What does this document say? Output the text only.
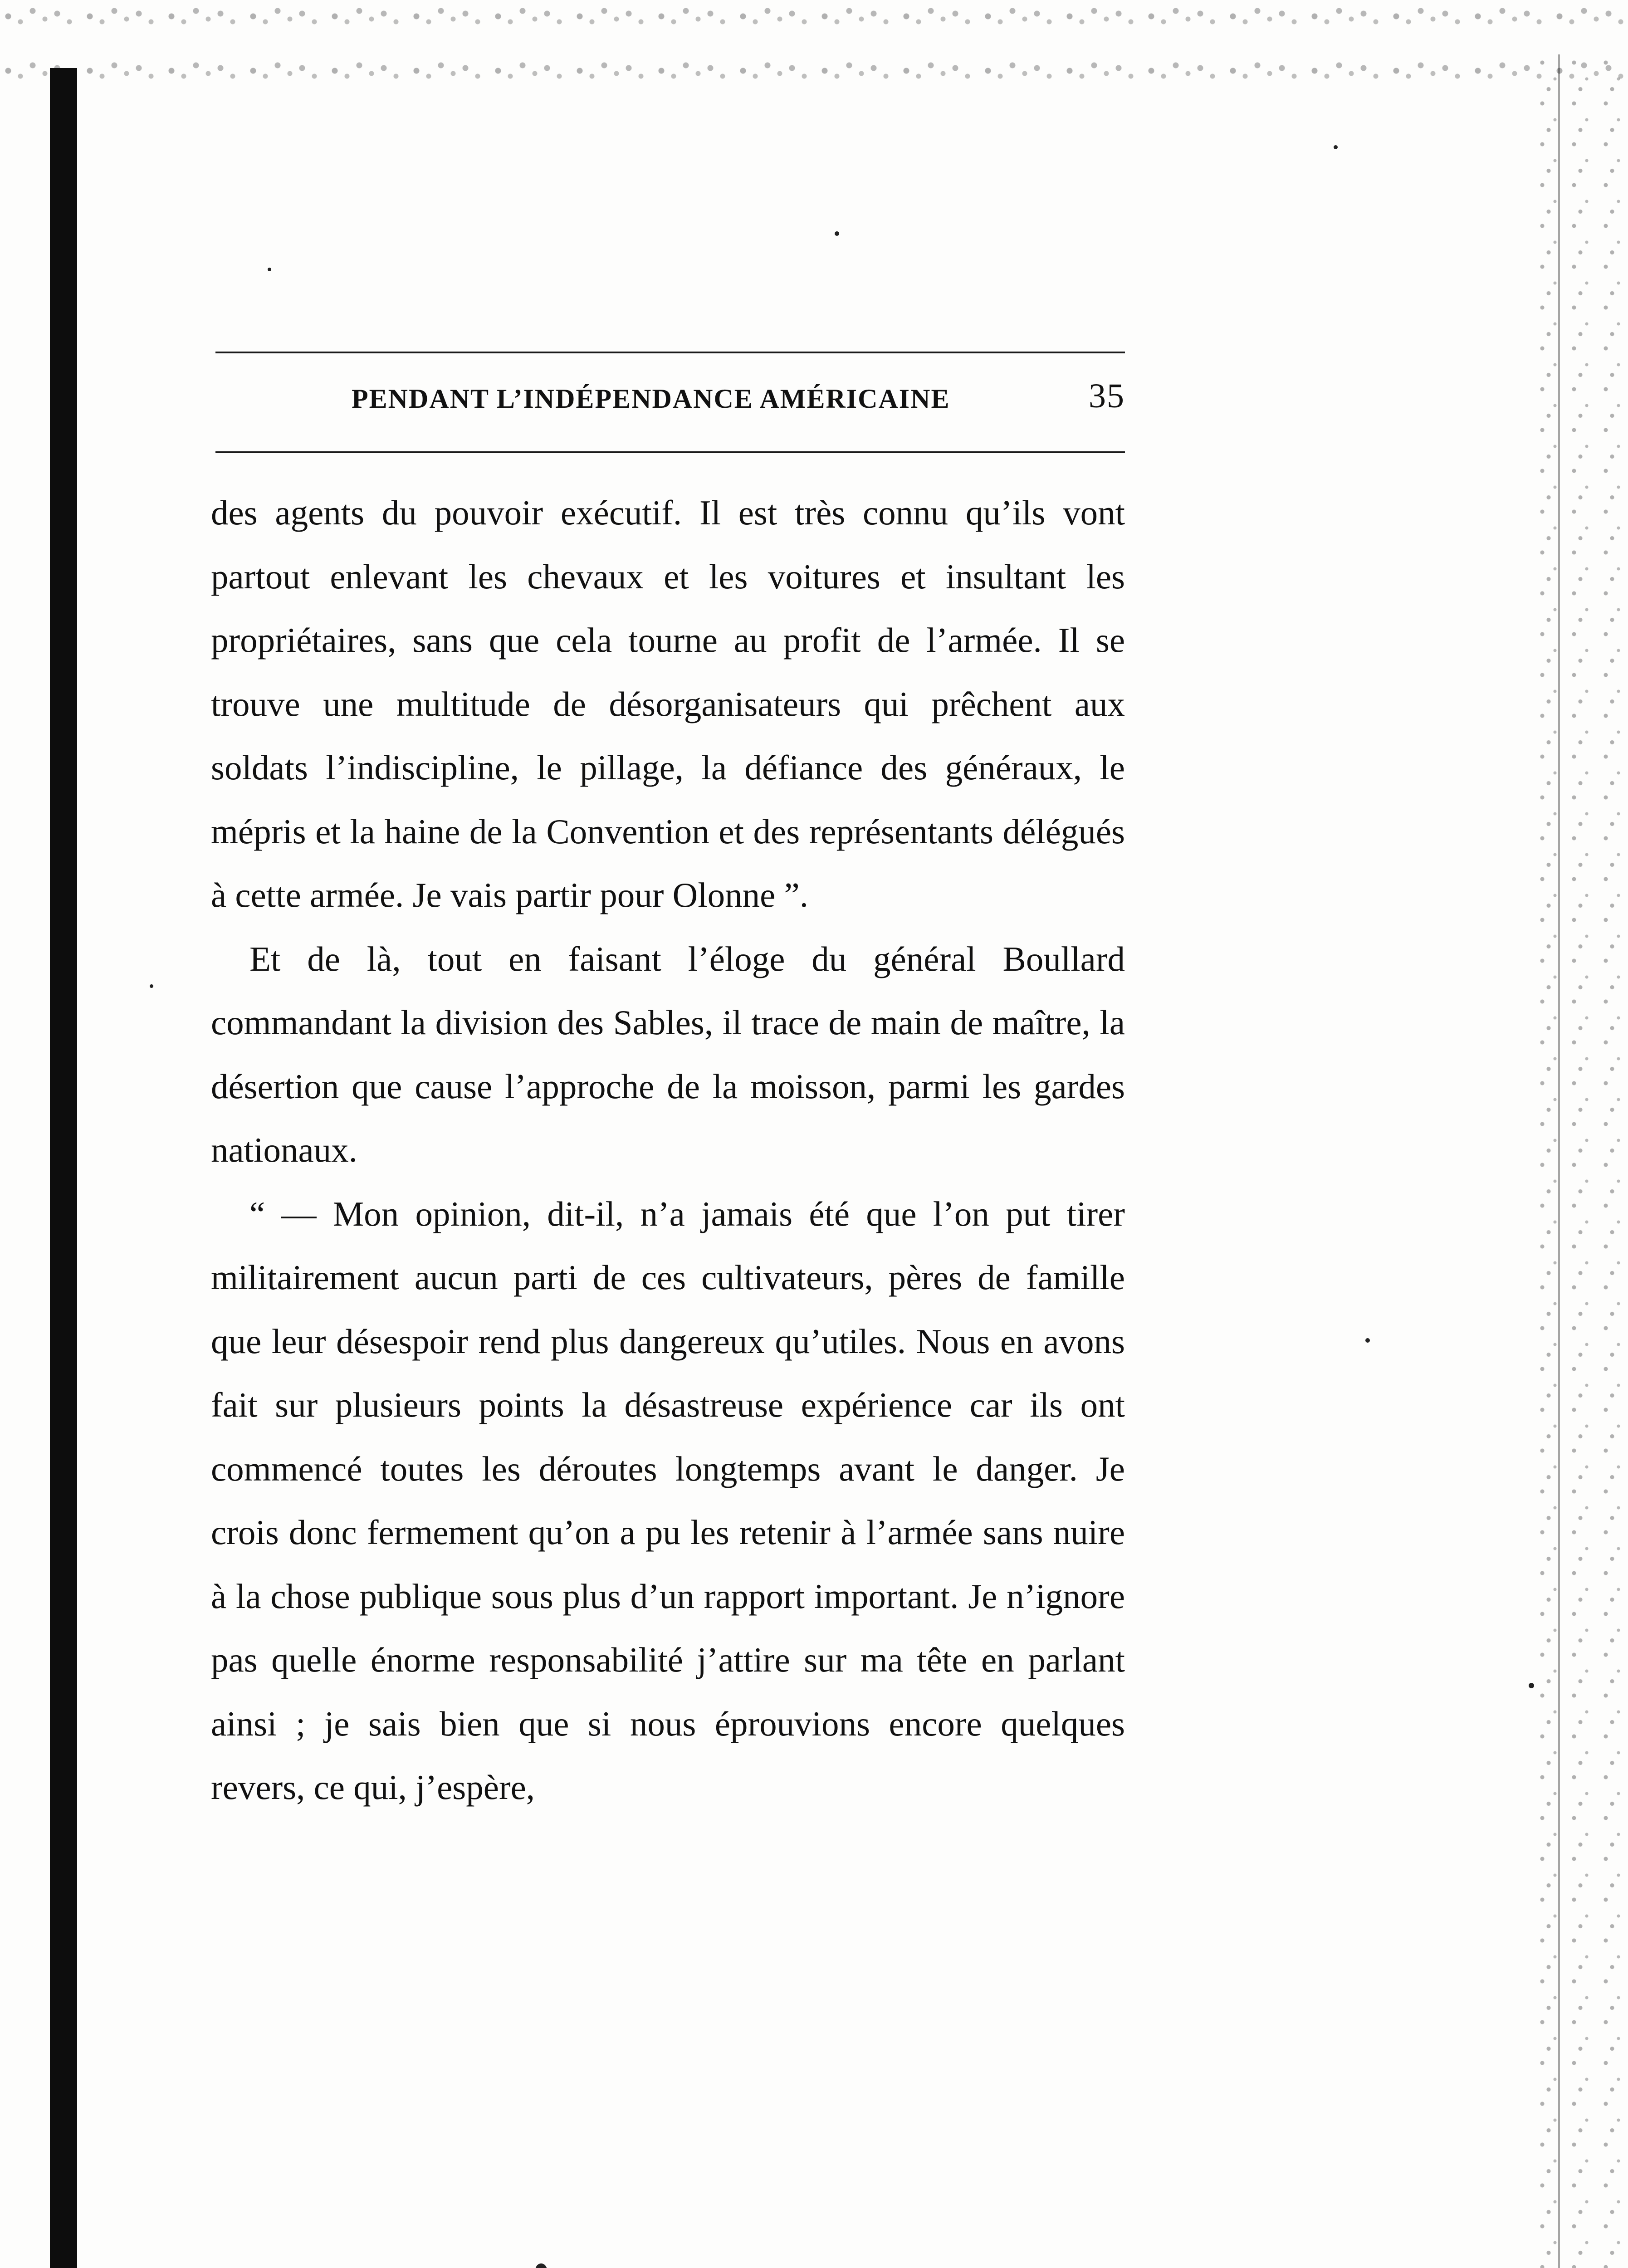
PENDANT L’INDÉPENDANCE AMÉRICAINE	35

des agents du pouvoir exécutif. Il est très connu qu’ils vont partout enlevant les chevaux et les voitures et insultant les propriétaires, sans que cela tourne au profit de l’armée. Il se trouve une multitude de désorganisateurs qui prêchent aux soldats l’indiscipline, le pillage, la défiance des généraux, le mépris et la haine de la Convention et des représentants délégués à cette armée. Je vais partir pour Olonne ”.

Et de là, tout en faisant l’éloge du général Boullard commandant la division des Sables, il trace de main de maître, la désertion que cause l’approche de la moisson, parmi les gardes nationaux.

“ — Mon opinion, dit-il, n’a jamais été que l’on put tirer militairement aucun parti de ces cultivateurs, pères de famille que leur désespoir rend plus dangereux qu’utiles. Nous en avons fait sur plusieurs points la désastreuse expérience car ils ont commencé toutes les déroutes longtemps avant le danger. Je crois donc fermement qu’on a pu les retenir à l’armée sans nuire à la chose publique sous plus d’un rapport important. Je n’ignore pas quelle énorme responsabilité j’attire sur ma tête en parlant ainsi ; je sais bien que si nous éprouvions encore quelques revers, ce qui, j’espère,
